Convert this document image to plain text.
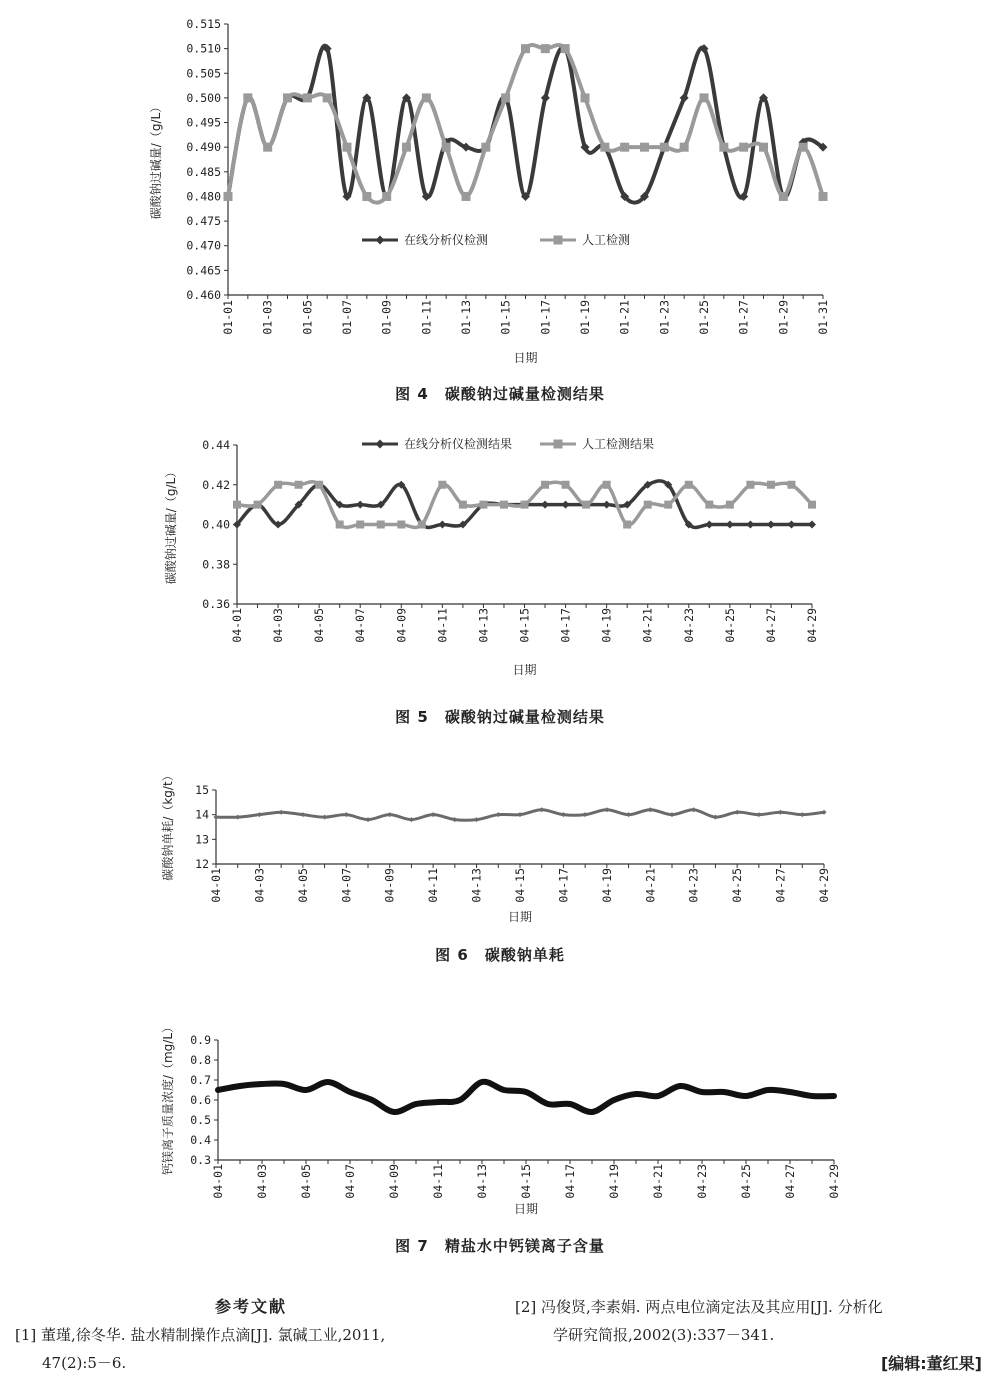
0.460
0.465
0.470
0.475
0.480
0.485
0.490
0.495
0.500
0.505
0.510
0.515
01-01 01-03 01-05 01-07 01-09 01-11 01-13 01-15 01-17 01-19 01-21 01-23 01-25 01-27 01-29 01-31
碳酸钠过碱量/（g/L）
日期
在线分析仪检测	人工检测
图 4　碳酸钠过碱量检测结果
0.36
0.38
0.40
0.42
0.44
04-01 04-03 04-05 04-07 04-09 04-11 04-13 04-15 04-17 04-19 04-21 04-23 04-25 04-27 04-29
碳酸钠过碱量/（g/L）
日期
在线分析仪检测结果	人工检测结果
图 5　碳酸钠过碱量检测结果
12
13
14
15
04-01	04-03	04-05	04-07	04-09	04-11	04-13	04-15	04-17	04-19	04-21	04-23	04-25	04-27	04-29
碳酸钠单耗/（kg/t）
日期
图 6　碳酸钠单耗
0.3
0.4
0.5
0.6
0.7
0.8
0.9
04-01	04-03	04-05	04-07	04-09	04-11	04-13	04-15	04-17	04-19	04-21	04-23	04-25	04-27	04-29
钙镁离子质量浓度/（mg/L）
日期
图 7　精盐水中钙镁离子含量
参考文献
[1] 董瑾,徐冬华. 盐水精制操作点滴[J]. 氯碱工业,2011,
47(2):5－6.
[2] 冯俊贤,李素娟. 两点电位滴定法及其应用[J]. 分析化
学研究简报,2002(3):337－341.
[编辑:董红果]
